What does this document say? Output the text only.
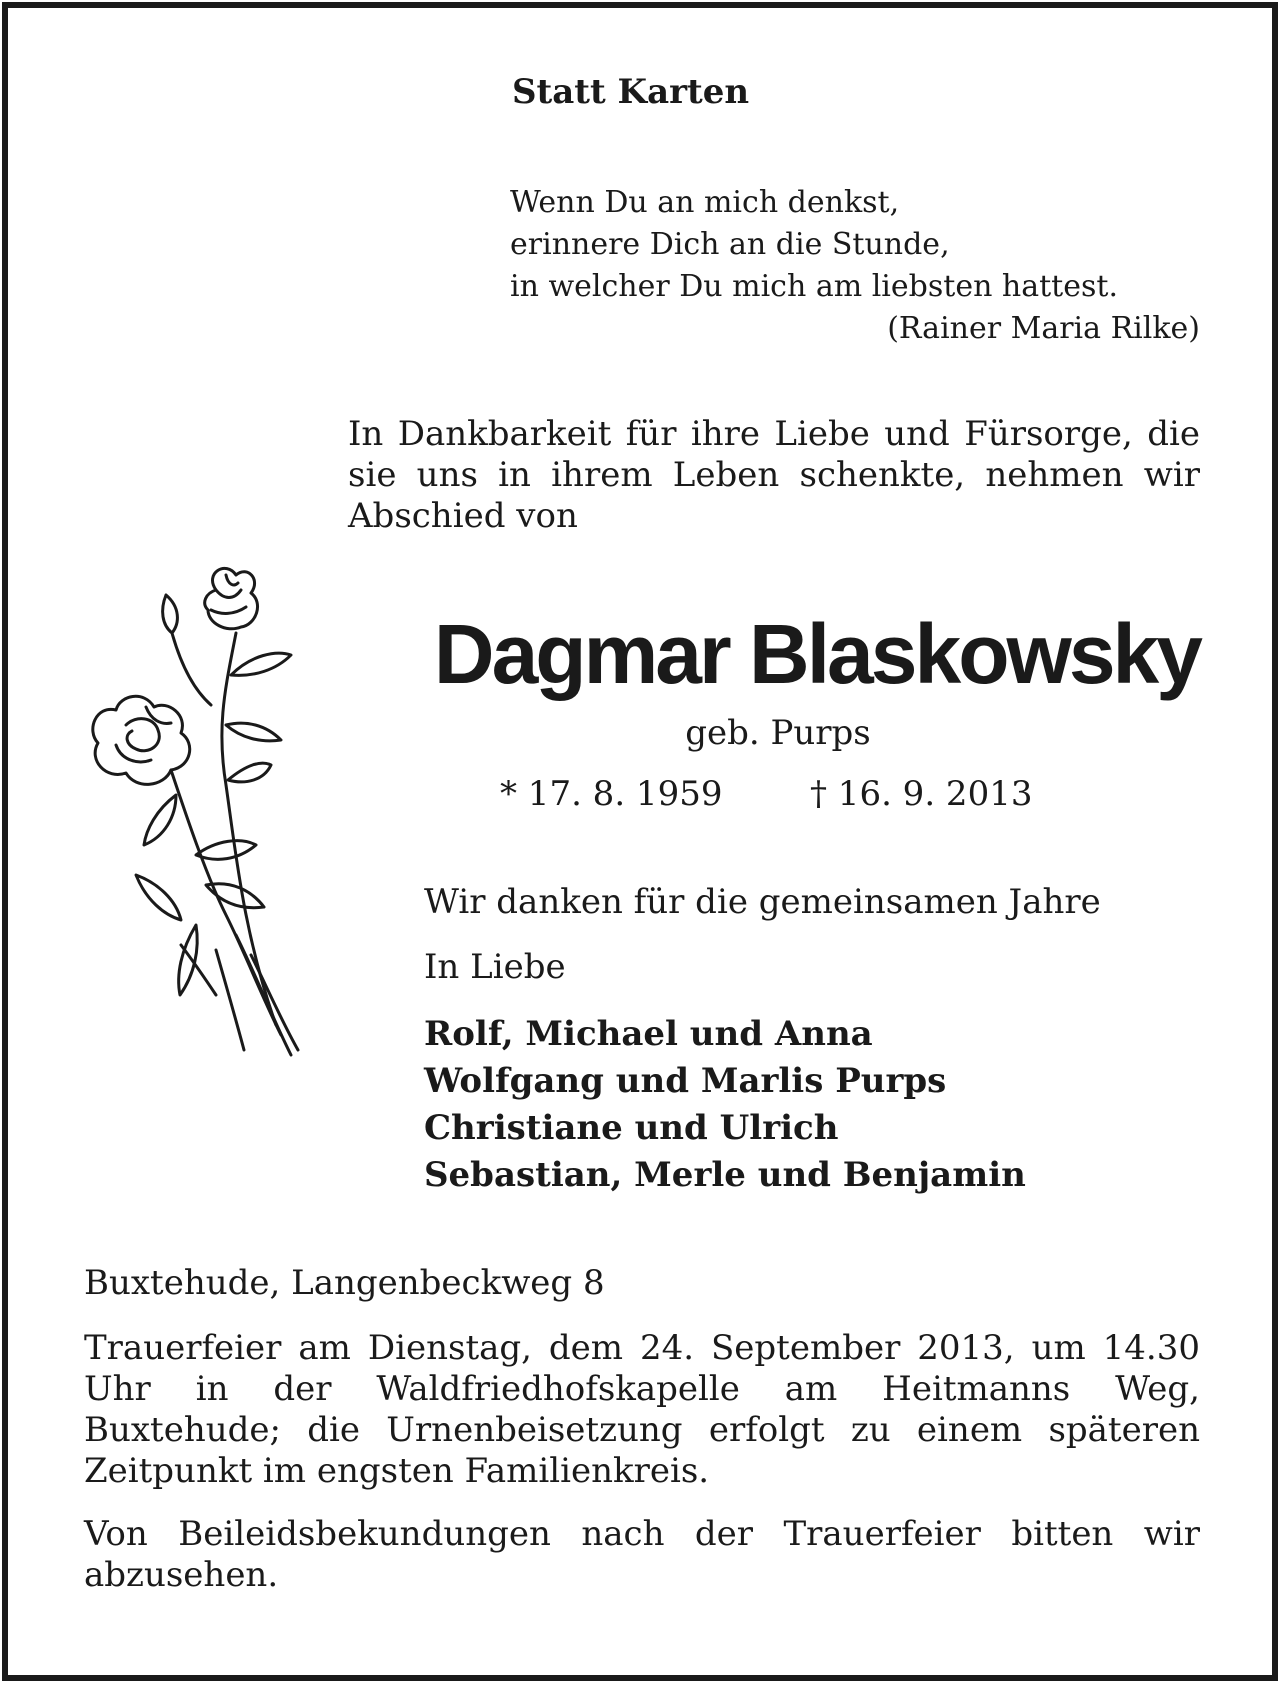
Statt Karten
Wenn Du an mich denkst,
erinnere Dich an die Stunde,
in welcher Du mich am liebsten hattest.
(Rainer Maria Rilke)
In Dankbarkeit für ihre Liebe und Fürsorge, die sie uns in ihrem Leben schenkte, nehmen wir Abschied von
Dagmar Blaskowsky
geb. Purps
* 17. 8. 1959	† 16. 9. 2013
Wir danken für die gemeinsamen Jahre
In Liebe
Rolf, Michael und Anna
Wolfgang und Marlis Purps
Christiane und Ulrich
Sebastian, Merle und Benjamin
Buxtehude, Langenbeckweg 8
Trauerfeier am Dienstag, dem 24. September 2013, um 14.30 Uhr in der Waldfriedhofskapelle am Heitmanns Weg, Buxtehude; die Urnenbeisetzung erfolgt zu einem späteren Zeitpunkt im engsten Familienkreis.
Von Beileidsbekundungen nach der Trauerfeier bitten wir abzusehen.
